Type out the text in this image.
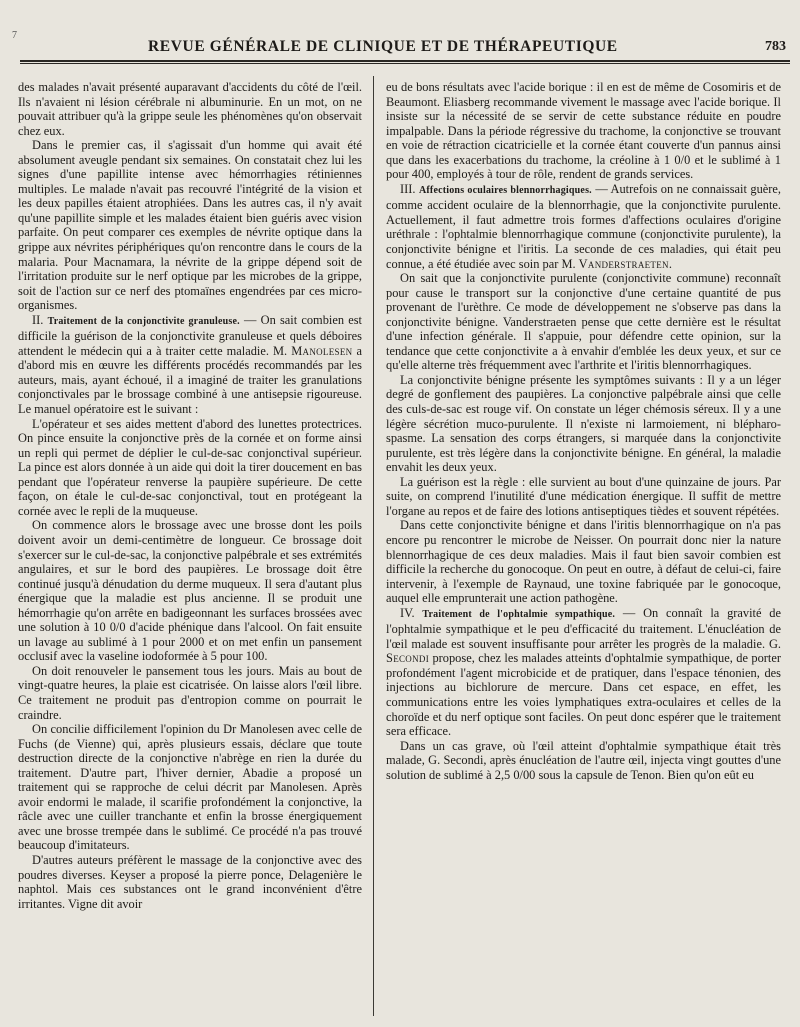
7
REVUE GÉNÉRALE DE CLINIQUE ET DE THÉRAPEUTIQUE	783

des malades n'avait présenté auparavant d'accidents du côté de l'œil. Ils n'avaient ni lésion cérébrale ni albuminurie. En un mot, on ne pouvait attribuer qu'à la grippe seule les phénomènes qu'on observait chez eux.

Dans le premier cas, il s'agissait d'un homme qui avait été absolument aveugle pendant six semaines. On constatait chez lui les signes d'une papillite intense avec hémorrhagies rétiniennes multiples. Le malade n'avait pas recouvré l'intégrité de la vision et les deux papilles étaient atrophiées. Dans les autres cas, il n'y avait qu'une papillite simple et les malades étaient bien guéris avec vision parfaite. On peut comparer ces exemples de névrite optique dans la grippe aux névrites périphériques qu'on rencontre dans le cours de la malaria. Pour Macnamara, la névrite de la grippe dépend soit de l'irritation produite sur le nerf optique par les microbes de la grippe, soit de l'action sur ce nerf des ptomaïnes engendrées par ces micro-organismes.

II. Traitement de la conjonctivite granuleuse. — On sait combien est difficile la guérison de la conjonctivite granuleuse et quels déboires attendent le médecin qui a à traiter cette maladie. M. Manolesen a d'abord mis en œuvre les différents procédés recommandés par les auteurs, mais, ayant échoué, il a imaginé de traiter les granulations conjonctivales par le brossage combiné à une antisepsie rigoureuse. Le manuel opératoire est le suivant :

L'opérateur et ses aides mettent d'abord des lunettes protectrices. On pince ensuite la conjonctive près de la cornée et on forme ainsi un repli qui permet de déplier le cul-de-sac conjonctival supérieur. La pince est alors donnée à un aide qui doit la tirer doucement en bas pendant que l'opérateur renverse la paupière supérieure. De cette façon, on étale le cul-de-sac conjonctival, tout en protégeant la cornée avec le repli de la muqueuse.

On commence alors le brossage avec une brosse dont les poils doivent avoir un demi-centimètre de longueur. Ce brossage doit s'exercer sur le cul-de-sac, la conjonctive palpébrale et ses extrémités angulaires, et sur le bord des paupières. Le brossage doit être continué jusqu'à dénudation du derme muqueux. Il sera d'autant plus énergique que la maladie est plus ancienne. Il se produit une hémorrhagie qu'on arrête en badigeonnant les surfaces brossées avec une solution à 10 0/0 d'acide phénique dans l'alcool. On fait ensuite un lavage au sublimé à 1 pour 2000 et on met enfin un pansement occlusif avec la vaseline iodoformée à 5 pour 100.

On doit renouveler le pansement tous les jours. Mais au bout de vingt-quatre heures, la plaie est cicatrisée. On laisse alors l'œil libre. Ce traitement ne produit pas d'entropion comme on pourrait le craindre.

On concilie difficilement l'opinion du Dr Manolesen avec celle de Fuchs (de Vienne) qui, après plusieurs essais, déclare que toute destruction directe de la conjonctive n'abrège en rien la durée du traitement. D'autre part, l'hiver dernier, Abadie a proposé un traitement qui se rapproche de celui décrit par Manolesen. Après avoir endormi le malade, il scarifie profondément la conjonctive, la râcle avec une cuiller tranchante et enfin la brosse énergiquement avec une brosse trempée dans le sublimé. Ce procédé n'a pas trouvé beaucoup d'imitateurs.

D'autres auteurs préfèrent le massage de la conjonctive avec des poudres diverses. Keyser a proposé la pierre ponce, Delagenière le naphtol. Mais ces substances ont le grand inconvénient d'être irritantes. Vigne dit avoir

eu de bons résultats avec l'acide borique : il en est de même de Cosomiris et de Beaumont. Eliasberg recommande vivement le massage avec l'acide borique. Il insiste sur la nécessité de se servir de cette substance réduite en poudre impalpable. Dans la période régressive du trachome, la conjonctive se trouvant en voie de rétraction cicatricielle et la cornée étant couverte d'un pannus ainsi que dans les exacerbations du trachome, la créoline à 1 0/0 et le sublimé à 1 pour 400, employés à tour de rôle, rendent de grands services.

III. Affections oculaires blennorrhagiques. — Autrefois on ne connaissait guère, comme accident oculaire de la blennorrhagie, que la conjonctivite purulente. Actuellement, il faut admettre trois formes d'affections oculaires d'origine uréthrale : l'ophtalmie blennorrhagique commune (conjonctivite purulente), la conjonctivite bénigne et l'iritis. La seconde de ces maladies, qui était peu connue, a été étudiée avec soin par M. Vanderstraeten.

On sait que la conjonctivite purulente (conjonctivite commune) reconnaît pour cause le transport sur la conjonctive d'une certaine quantité de pus provenant de l'urèthre. Ce mode de développement ne s'observe pas dans la conjonctivite bénigne. Vanderstraeten pense que cette dernière est le résultat d'une infection générale. Il s'appuie, pour défendre cette opinion, sur la tendance que cette conjonctivite a à envahir d'emblée les deux yeux, et sur ce qu'elle alterne très fréquemment avec l'arthrite et l'iritis blennorrhagiques.

La conjonctivite bénigne présente les symptômes suivants : Il y a un léger degré de gonflement des paupières. La conjonctive palpébrale ainsi que celle des culs-de-sac est rouge vif. On constate un léger chémosis séreux. Il y a une légère sécrétion muco-purulente. Il n'existe ni larmoiement, ni blépharo-spasme. La sensation des corps étrangers, si marquée dans la conjonctivite purulente, est très légère dans la conjonctivite bénigne. En général, la maladie envahit les deux yeux.

La guérison est la règle : elle survient au bout d'une quinzaine de jours. Par suite, on comprend l'inutilité d'une médication énergique. Il suffit de mettre l'organe au repos et de faire des lotions antiseptiques tièdes et souvent répétées.

Dans cette conjonctivite bénigne et dans l'iritis blennorrhagique on n'a pas encore pu rencontrer le microbe de Neisser. On pourrait donc nier la nature blennorrhagique de ces deux maladies. Mais il faut bien savoir combien est difficile la recherche du gonocoque. On peut en outre, à défaut de celui-ci, faire intervenir, à l'exemple de Raynaud, une toxine fabriquée par le gonocoque, auquel elle emprunterait une action pathogène.

IV. Traitement de l'ophtalmie sympathique. — On connaît la gravité de l'ophtalmie sympathique et le peu d'efficacité du traitement. L'énucléation de l'œil malade est souvent insuffisante pour arrêter les progrès de la maladie. G. Secondi propose, chez les malades atteints d'ophtalmie sympathique, de porter profondément l'agent microbicide et de pratiquer, dans l'espace ténonien, des injections au bichlorure de mercure. Dans cet espace, en effet, les communications entre les voies lymphatiques extra-oculaires et celles de la choroïde et du nerf optique sont faciles. On peut donc espérer que le traitement sera efficace.

Dans un cas grave, où l'œil atteint d'ophtalmie sympathique était très malade, G. Secondi, après énucléation de l'autre œil, injecta vingt gouttes d'une solution de sublimé à 2,5 0/00 sous la capsule de Tenon. Bien qu'on eût eu
